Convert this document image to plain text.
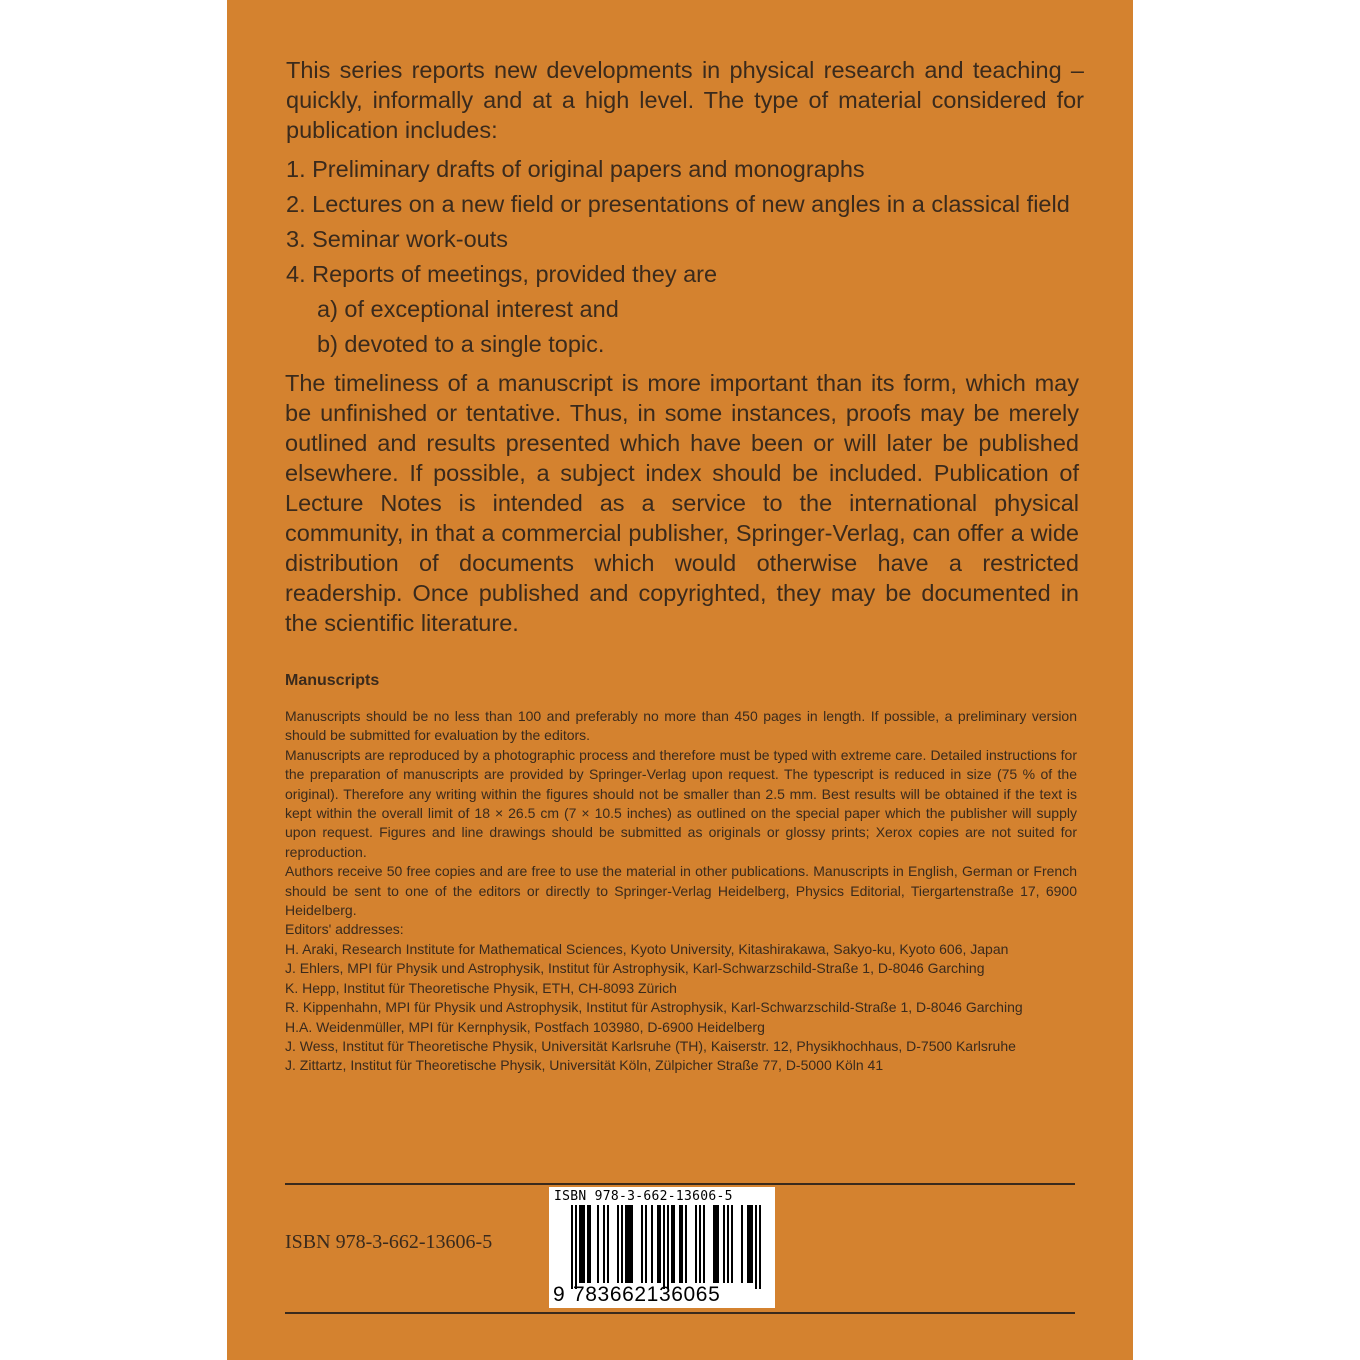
This series reports new developments in physical research and teaching – quickly, informally and at a high level. The type of material considered for publication includes:

1. Preliminary drafts of original papers and monographs
2. Lectures on a new field or presentations of new angles in a classical field
3. Seminar work-outs
4. Reports of meetings, provided they are
a) of exceptional interest and
b) devoted to a single topic.

The timeliness of a manuscript is more important than its form, which may be unfinished or tentative. Thus, in some instances, proofs may be merely outlined and results presented which have been or will later be published elsewhere. If possible, a subject index should be included. Publication of Lecture Notes is intended as a service to the international physical community, in that a commercial publisher, Springer-Verlag, can offer a wide distribution of documents which would otherwise have a restricted readership. Once published and copyrighted, they may be documented in the scientific literature.

Manuscripts

Manuscripts should be no less than 100 and preferably no more than 450 pages in length. If possible, a preliminary version should be submitted for evaluation by the editors.

Manuscripts are reproduced by a photographic process and therefore must be typed with extreme care. Detailed instructions for the preparation of manuscripts are provided by Springer-Verlag upon request. The typescript is reduced in size (75 % of the original). Therefore any writing within the figures should not be smaller than 2.5 mm. Best results will be obtained if the text is kept within the overall limit of 18 × 26.5 cm (7 × 10.5 inches) as outlined on the special paper which the publisher will supply upon request. Figures and line drawings should be submitted as originals or glossy prints; Xerox copies are not suited for reproduction.

Authors receive 50 free copies and are free to use the material in other publications. Manuscripts in English, German or French should be sent to one of the editors or directly to Springer-Verlag Heidelberg, Physics Editorial, Tiergartenstraße 17, 6900 Heidelberg.

Editors' addresses:

H. Araki, Research Institute for Mathematical Sciences, Kyoto University, Kitashirakawa, Sakyo-ku, Kyoto 606, Japan

J. Ehlers, MPI für Physik und Astrophysik, Institut für Astrophysik, Karl-Schwarzschild-Straße 1, D-8046 Garching

K. Hepp, Institut für Theoretische Physik, ETH, CH-8093 Zürich

R. Kippenhahn, MPI für Physik und Astrophysik, Institut für Astrophysik, Karl-Schwarzschild-Straße 1, D-8046 Garching

H.A. Weidenmüller, MPI für Kernphysik, Postfach 103980, D-6900 Heidelberg

J. Wess, Institut für Theoretische Physik, Universität Karlsruhe (TH), Kaiserstr. 12, Physikhochhaus, D-7500 Karlsruhe

J. Zittartz, Institut für Theoretische Physik, Universität Köln, Zülpicher Straße 77, D-5000 Köln 41

ISBN 978-3-662-13606-5
ISBN 978-3-662-13606-5
9 783662136065
